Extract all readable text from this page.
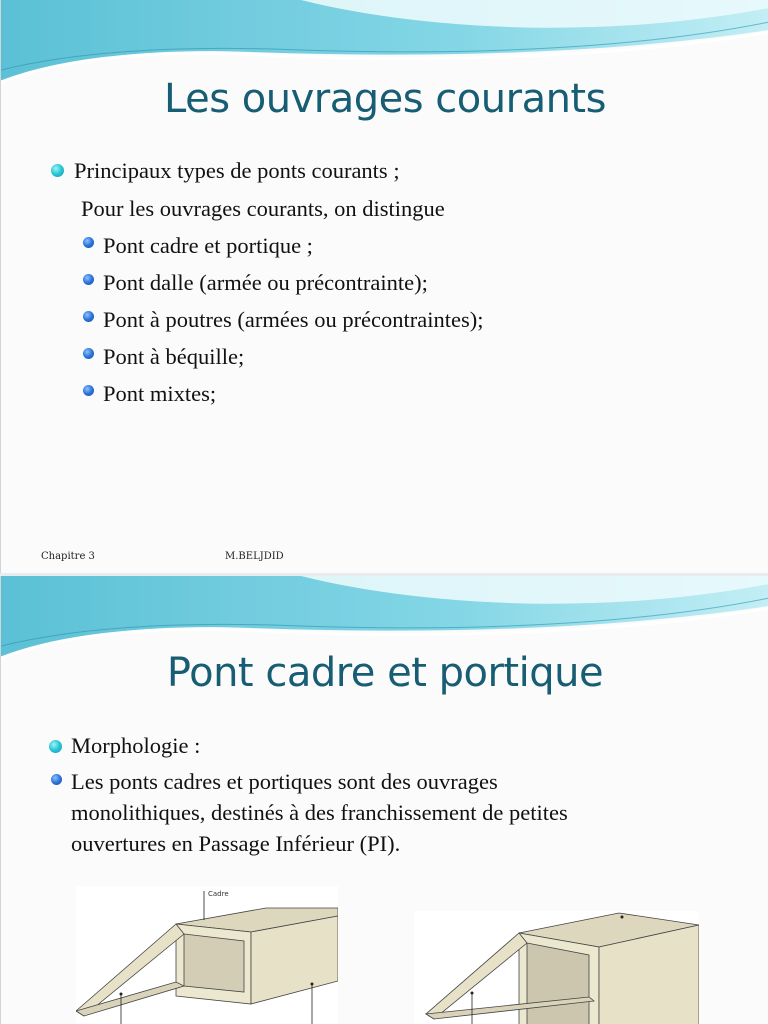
Les ouvrages courants
Principaux types de ponts courants ;
Pour les ouvrages courants, on distingue
Pont cadre et portique ;
Pont dalle (armée ou précontrainte);
Pont à poutres (armées ou précontraintes);
Pont à béquille;
Pont mixtes;
Chapitre 3	M.BELJDID
Pont cadre et portique
Morphologie :
Les ponts cadres et portiques sont des ouvrages
monolithiques, destinés à des franchissement de petites
ouvertures en Passage Inférieur (PI).
Cadre
